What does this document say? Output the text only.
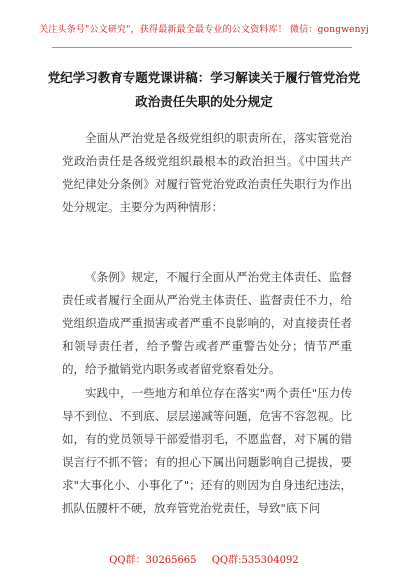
关注头条号"公文研究"，获得最新最全最专业的公文资料库！ 微信：gongwenyj
党纪学习教育专题党课讲稿：学习解读关于履行管党治党
政治责任失职的处分规定
全面从严治党是各级党组织的职责所在，落实管党治党政治责任是各级党组织最根本的政治担当。《中国共产党纪律处分条例》对履行管党治党政治责任失职行为作出处分规定。主要分为两种情形：
《条例》规定，不履行全面从严治党主体责任、监督责任或者履行全面从严治党主体责任、监督责任不力，给党组织造成严重损害或者严重不良影响的，对直接责任者和领导责任者，给予警告或者严重警告处分；情节严重的，给予撤销党内职务或者留党察看处分。
实践中，一些地方和单位存在落实"两个责任"压力传导不到位、不到底、层层递减等问题，危害不容忽视。比如，有的党员领导干部爱惜羽毛，不愿监督，对下属的错误言行不抓不管；有的担心下属出问题影响自己提拔，要求"大事化小、小事化了"；还有的则因为自身违纪违法，抓队伍腰杆不硬，放弃管党治党责任，导致"底下问
QQ群：30265665 QQ群:535304092
